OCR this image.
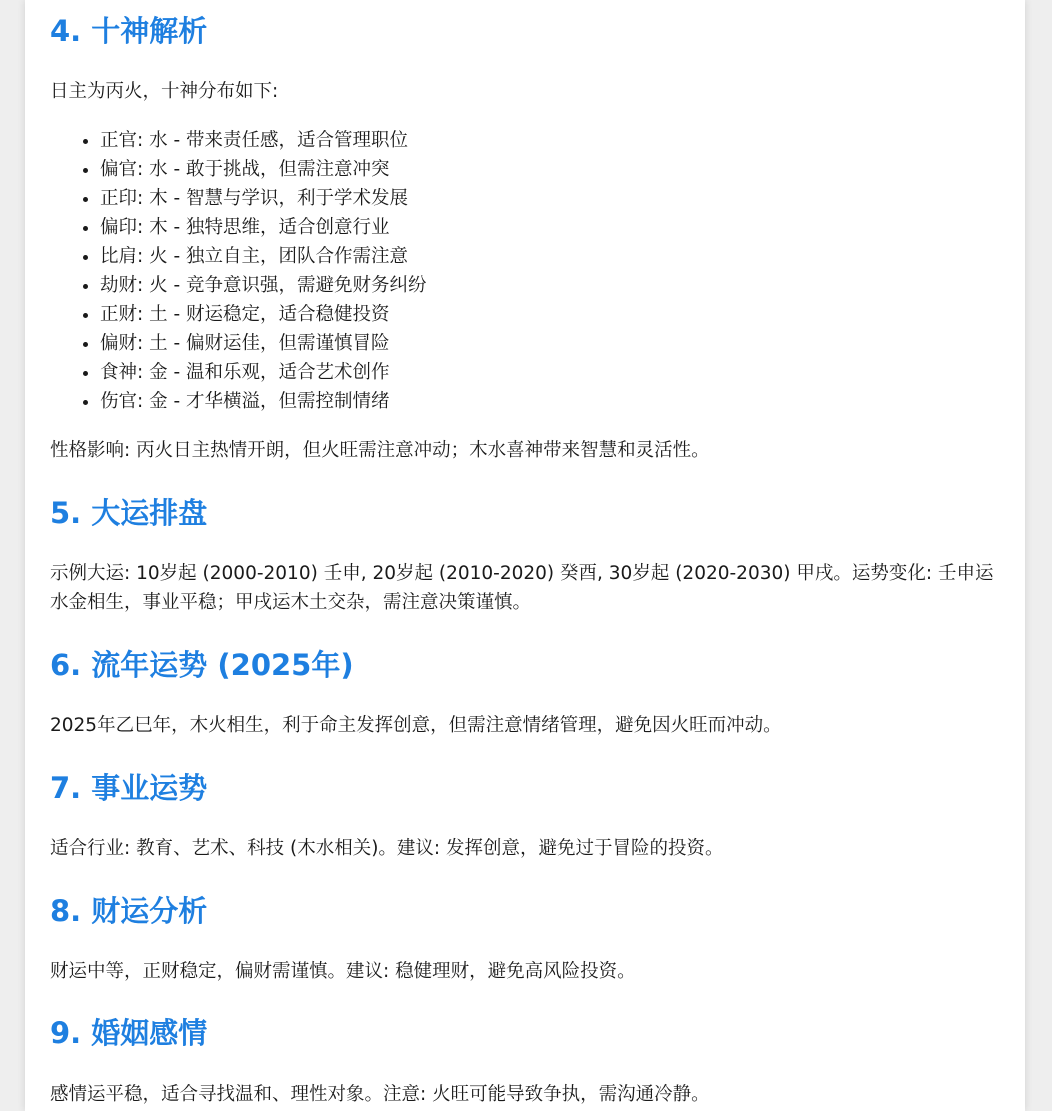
4. 十神解析

日主为丙火，十神分布如下:

• 正官: 水 - 带来责任感，适合管理职位
• 偏官: 水 - 敢于挑战，但需注意冲突
• 正印: 木 - 智慧与学识，利于学术发展
• 偏印: 木 - 独特思维，适合创意行业
• 比肩: 火 - 独立自主，团队合作需注意
• 劫财: 火 - 竞争意识强，需避免财务纠纷
• 正财: 土 - 财运稳定，适合稳健投资
• 偏财: 土 - 偏财运佳，但需谨慎冒险
• 食神: 金 - 温和乐观，适合艺术创作
• 伤官: 金 - 才华横溢，但需控制情绪

性格影响: 丙火日主热情开朗，但火旺需注意冲动；木水喜神带来智慧和灵活性。

5. 大运排盘

示例大运: 10岁起 (2000-2010) 壬申, 20岁起 (2010-2020) 癸酉, 30岁起 (2020-2030) 甲戌。运势变化: 壬申运水金相生，事业平稳；甲戌运木土交杂，需注意决策谨慎。

6. 流年运势 (2025年)

2025年乙巳年，木火相生，利于命主发挥创意，但需注意情绪管理，避免因火旺而冲动。

7. 事业运势

适合行业: 教育、艺术、科技 (木水相关)。建议: 发挥创意，避免过于冒险的投资。

8. 财运分析

财运中等，正财稳定，偏财需谨慎。建议: 稳健理财，避免高风险投资。

9. 婚姻感情

感情运平稳，适合寻找温和、理性对象。注意: 火旺可能导致争执，需沟通冷静。
